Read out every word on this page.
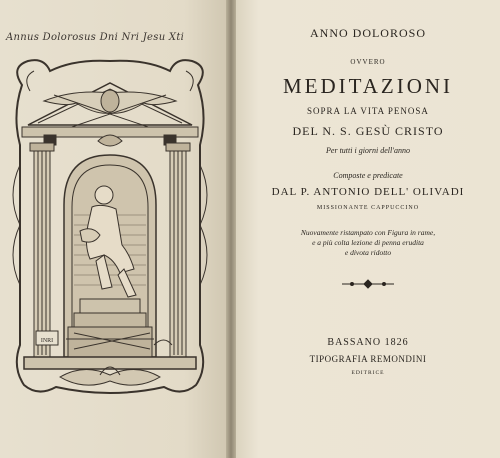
Annus Dolorosus Dni Nri Jesu Xti
INRI
ANNO DOLOROSO
OVVERO
MEDITAZIONI
SOPRA LA VITA PENOSA
DEL N. S. GESÙ CRISTO
Per tutti i giorni dell'anno
Composte e predicate
DAL P. ANTONIO DELL' OLIVADI
MISSIONANTE CAPPUCCINO
Nuovamente ristampato con Figura in rame,
e a più colta lezione di penna erudita
e divota ridotto
BASSANO 1826
TIPOGRAFIA REMONDINI
EDITRICE
